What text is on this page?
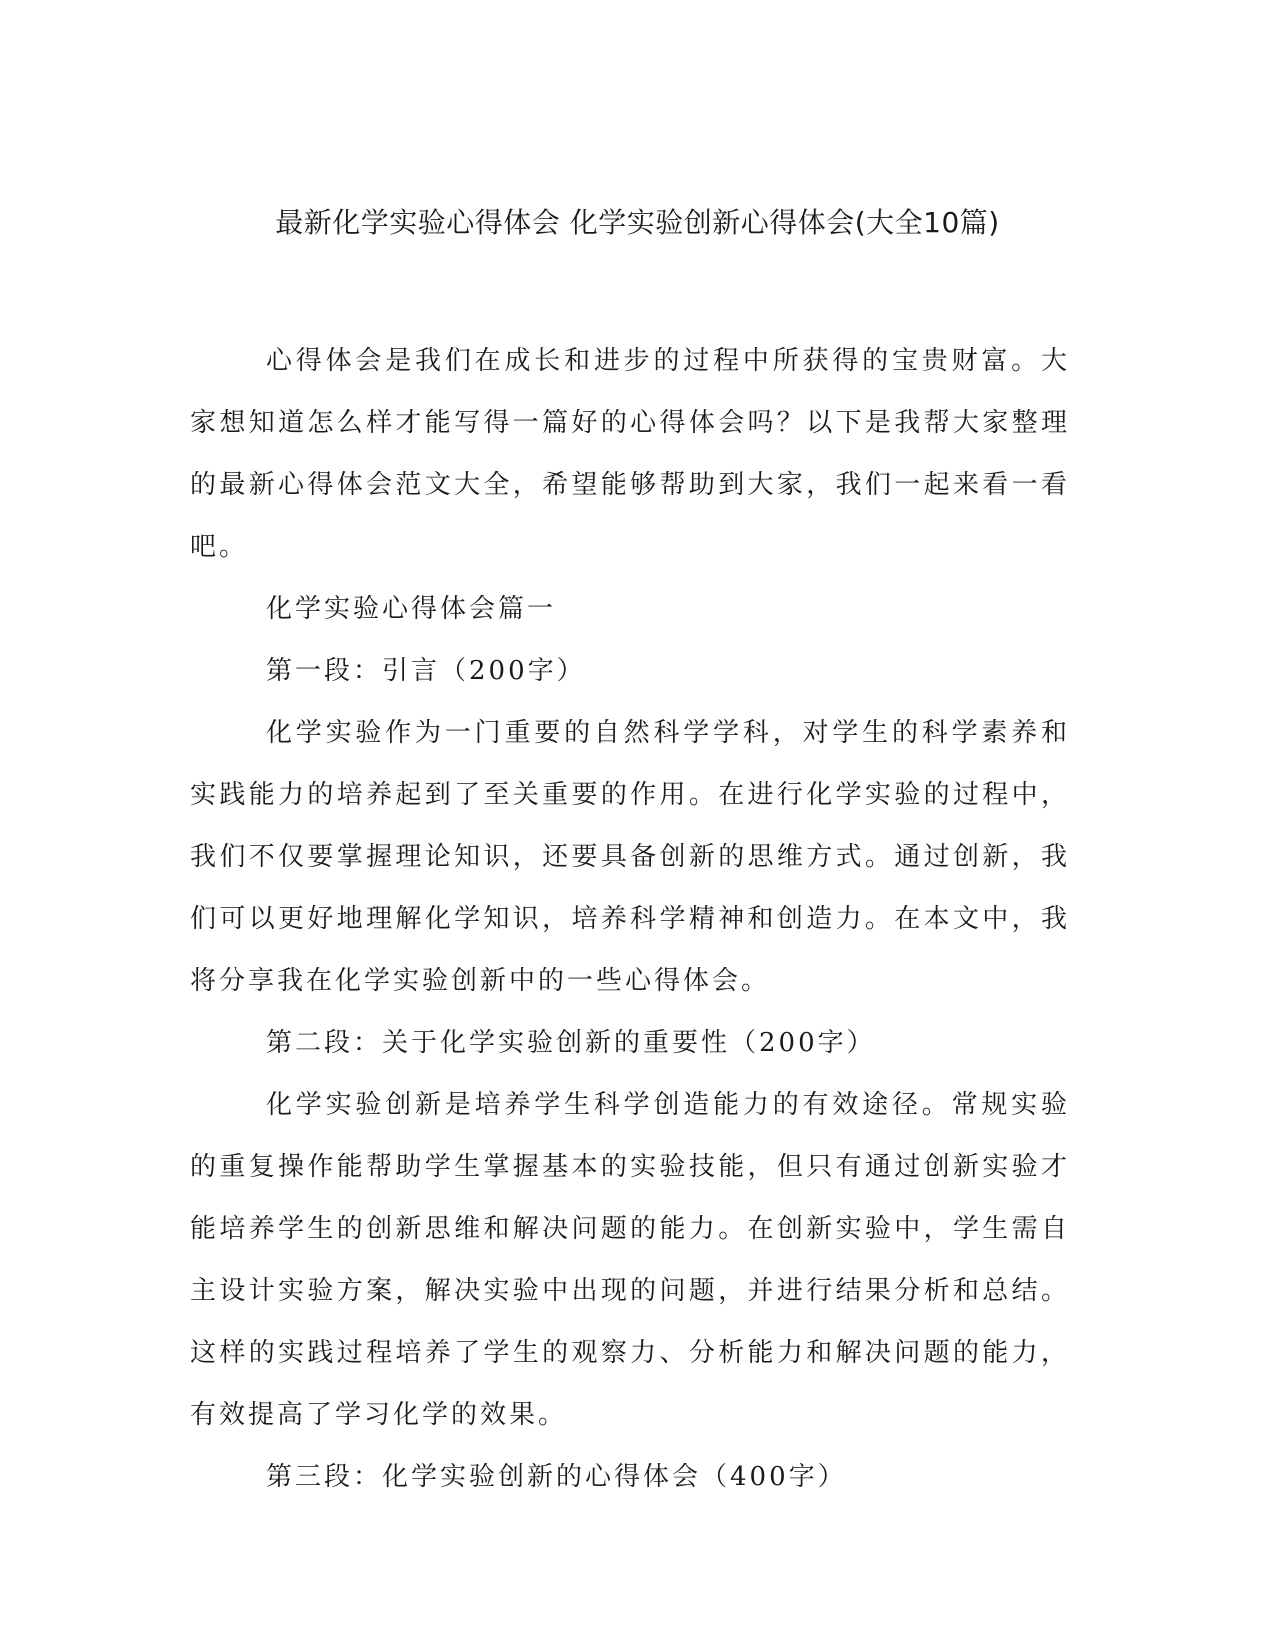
最新化学实验心得体会 化学实验创新心得体会(大全10篇)

心得体会是我们在成长和进步的过程中所获得的宝贵财富。大家想知道怎么样才能写得一篇好的心得体会吗？以下是我帮大家整理的最新心得体会范文大全，希望能够帮助到大家，我们一起来看一看吧。

化学实验心得体会篇一

第一段：引言（200字）

化学实验作为一门重要的自然科学学科，对学生的科学素养和实践能力的培养起到了至关重要的作用。在进行化学实验的过程中，我们不仅要掌握理论知识，还要具备创新的思维方式。通过创新，我们可以更好地理解化学知识，培养科学精神和创造力。在本文中，我将分享我在化学实验创新中的一些心得体会。

第二段：关于化学实验创新的重要性（200字）

化学实验创新是培养学生科学创造能力的有效途径。常规实验的重复操作能帮助学生掌握基本的实验技能，但只有通过创新实验才能培养学生的创新思维和解决问题的能力。在创新实验中，学生需自主设计实验方案，解决实验中出现的问题，并进行结果分析和总结。这样的实践过程培养了学生的观察力、分析能力和解决问题的能力，有效提高了学习化学的效果。

第三段：化学实验创新的心得体会（400字）
